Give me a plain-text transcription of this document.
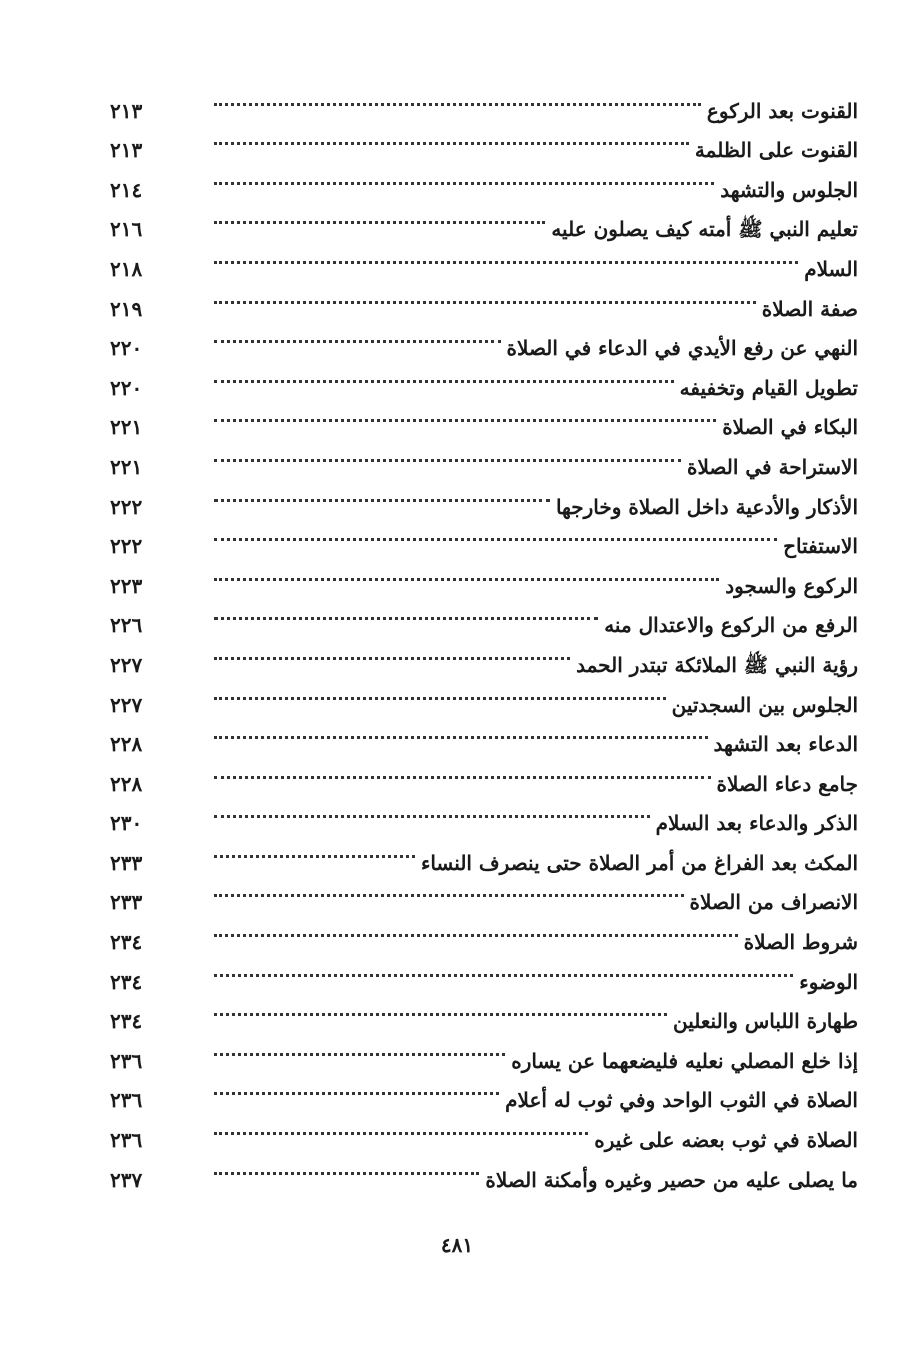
القنوت بعد الركوع
٢١٣
القنوت على الظلمة
٢١٣
الجلوس والتشهد
٢١٤
تعليم النبي ﷺ أمته كيف يصلون عليه
٢١٦
السلام
٢١٨
صفة الصلاة
٢١٩
النهي عن رفع الأيدي في الدعاء في الصلاة
٢٢٠
تطويل القيام وتخفيفه
٢٢٠
البكاء في الصلاة
٢٢١
الاستراحة في الصلاة
٢٢١
الأذكار والأدعية داخل الصلاة وخارجها
٢٢٢
الاستفتاح
٢٢٢
الركوع والسجود
٢٢٣
الرفع من الركوع والاعتدال منه
٢٢٦
رؤية النبي ﷺ الملائكة تبتدر الحمد
٢٢٧
الجلوس بين السجدتين
٢٢٧
الدعاء بعد التشهد
٢٢٨
جامع دعاء الصلاة
٢٢٨
الذكر والدعاء بعد السلام
٢٣٠
المكث بعد الفراغ من أمر الصلاة حتى ينصرف النساء
٢٣٣
الانصراف من الصلاة
٢٣٣
شروط الصلاة
٢٣٤
الوضوء
٢٣٤
طهارة اللباس والنعلين
٢٣٤
إذا خلع المصلي نعليه فليضعهما عن يساره
٢٣٦
الصلاة في الثوب الواحد وفي ثوب له أعلام
٢٣٦
الصلاة في ثوب بعضه على غيره
٢٣٦
ما يصلى عليه من حصير وغيره وأمكنة الصلاة
٢٣٧
٤٨١
